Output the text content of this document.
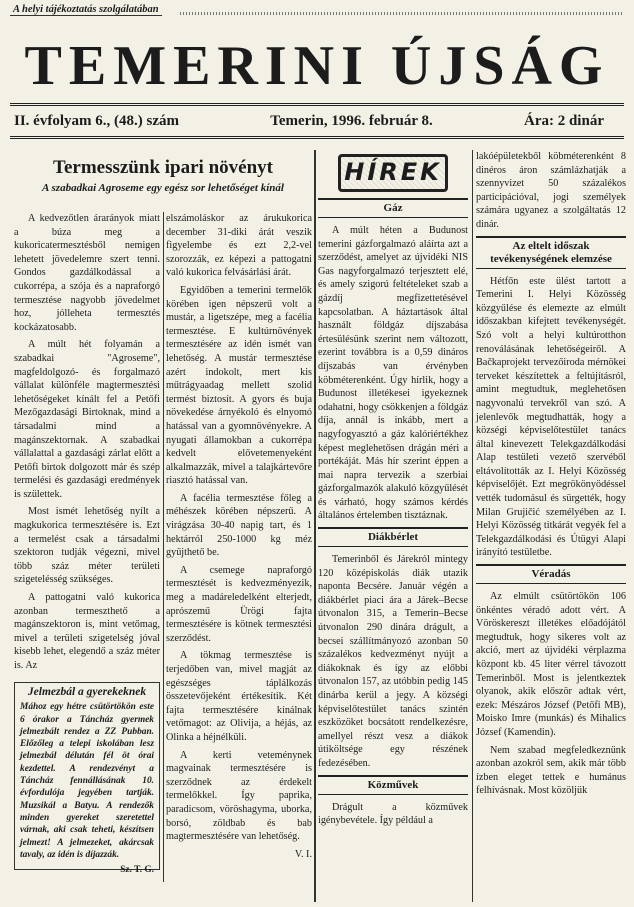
A helyi tájékoztatás szolgálatában
TEMERINI ÚJSÁG
II. évfolyam 6., (48.) szám	Temerin, 1996. február 8.	Ára: 2 dinár
Termesszünk ipari növényt
A szabadkai Agroseme egy egész sor lehetőséget kínál

A kedvezőtlen árarányok miatt a búza meg a kukoricatermesztésből nemigen lehetett jövedelemre szert tenni. Gondos gazdálkodással a cukorrépa, a szója és a napraforgó termesztése nagyobb jövedelmet hoz, jólleheta termesztés kockázatosabb.

A múlt hét folyamán a szabadkai "Agroseme", magfeldolgozó- és forgalmazó vállalat különféle magtermesztési lehetőségeket kínált fel a Petőfi Mezőgazdasági Birtoknak, mind a társadalmi mind a magánszektornak. A szabadkai vállalattal a gazdasági zárlat előtt a Petőfi birtok dolgozott már és szép termelési és gazdasági eredmények is születtek.

Most ismét lehetőség nyílt a magkukorica termesztésére is. Ezt a termelést csak a társadalmi szektoron tudják végezni, mivel több száz méter területi szigetelésség szükséges.

A pattogatni való kukorica azonban termeszthető a magánszektoron is, mint vetőmag, mivel a területi szigetelség jóval kisebb lehet, elegendő a száz méter is. Az

Jelmezbál a gyerekeknek
Mához egy hétre csütörtökön este 6 órakor a Táncház gyermek jelmezbált rendez a ZZ Pubban. Előzőleg a telepi iskolában lesz jelmezbál délután fél öt órai kezdettel. A rendezvényt a Táncház fennállásának 10. évfordulója jegyében tartják. Muzsikál a Batyu. A rendezők minden gyereket szeretettel várnak, aki csak teheti, készítsen jelmezt! A jelmezeket, akárcsak tavaly, az idén is díjazzák.
Sz. T. G.

elszámoláskor az árukukorica december 31-diki árát veszik figyelembe és ezt 2,2-vel szorozzák, ez képezi a pattogatni való kukorica felvásárlási árát.

Egyidőben a temerini termelők körében igen népszerű volt a mustár, a ligetszépe, meg a facélia termesztése. E kultúrnövények termesztésére az idén ismét van lehetőség. A mustár termesztése azért indokolt, mert kis műtrágyaadag mellett szolid termést biztosít. A gyors és buja növekedése árnyékoló és elnyomó hatással van a gyomnövényekre. A nyugati államokban a cukorrépa kedvelt elővetemenyeként alkalmazzák, mivel a talajkártevőre riasztó hatással van.

A facélia termesztése főleg a méhészek körében népszerű. A virágzása 30-40 napig tart, és 1 hektárról 250-1000 kg méz gyűjthető be.

A csemege napraforgó termesztését is kedvezményezik, meg a madáreledelként elterjedt, aprószemű Ürögi fajta termesztésére is kötnek termesztési szerződést.

A tökmag termesztése is terjedőben van, mivel magját az egészséges táplálkozás összetevőjeként értékesítik. Két fajta termesztésére kínálnak vetőmagot: az Olivija, a héjás, az Olinka a héjnélküli.

A kerti veteménynek magvainak termesztésére is szerződnek az érdekelt termelőkkel. Így paprika, paradicsom, vöröshagyma, uborka, borsó, zöldbab és bab magtermesztésére van lehetőség.

V. I.
HÍREK
Gáz

A múlt héten a Budunost temerini gázforgalmazó aláírta azt a szerződést, amelyet az újvidéki NIS Gas nagyforgalmazó terjesztett elé, és amely szigorú feltételeket szab a gázdíj megfizettetésével kapcsolatban. A háztartások által használt földgáz díjszabása értesülésünk szerint nem változott, ezerint továbbra is a 0,59 dináros díjszabás van érvényben köbméterenként. Úgy hírlik, hogy a Budunost illetékesei igyekeznek odahatni, hogy csökkenjen a földgáz díja, annál is inkább, mert a nagyfogyasztó a gáz kalóriértékhez képest meglehetősen drágán méri a portékáját. Más hír szerint éppen a mai napra tervezik a szerbiai gázforgalmazók alakuló közgyűlését és várható, hogy számos kérdés általános értelemben tisztáznak.

Diákbérlet

Temerinből és Járekról mintegy 120 középiskolás diák utazik naponta Becsére. Január végén a diákbérlet piaci ára a Járek–Becse útvonalon 315, a Temerin–Becse útvonalon 290 dinára drágult, a becsei szállítmányozó azonban 50 százalékos kedvezményt nyújt a diákoknak és így az előbbi útvonalon 157, az utóbbin pedig 145 dinárba kerül a jegy. A községi képviselőtestület tanács szintén eszközöket bocsátott rendelkezésre, amellyel részt vesz a diákok útiköltsége egy részének fedezésében.

Közművek

Drágult a közművek igénybevétele. Így például a

lakóépületekből köbméterenként 8 dinéros áron számlázhatják a szennyvizet 50 százalékos participációval, jogi személyek számára ugyanez a szolgáltatás 12 dinár.

Az eltelt időszak tevékenységének elemzése

Hétfőn este ülést tartott a Temerini I. Helyi Közösség közgyűlése és elemezte az elmúlt időszakban kifejtett tevékenységét. Szó volt a helyi kultúrotthon renoválásának lehetőségeiről. A Bačkaprojekt tervezőiroda mérnökei terveket készítettek a feltújításról, amint megtudtuk, meglehetősen nagyvonalú tervekről van szó. A jelenlevők megtudhatták, hogy a községi képviselőtestület tanács által kinevezett Telekgazdálkodási Alap testületi vezető szervéből eltávolították az I. Helyi Közösség képviselőjét. Ezt megrökönyödéssel vették tudomásul és sürgették, hogy Milan Grujičić személyében az I. Helyi Közösség titkárát vegyék fel a Telekgazdálkodási és Útügyi Alapi irányító testületbe.

Véradás

Az elmúlt csütörtökön 106 önkéntes véradó adott vért. A Vöröskereszt illetékes előadójától megtudtuk, hogy sikeres volt az akció, mert az újvidéki vérplazma központ kb. 45 liter vérrel távozott Temerinből. Most is jelentkeztek olyanok, akik először adtak vért, ezek: Mészáros József (Petőfi MB), Moisko Imre (munkás) és Mihalics József (Kamendin).

Nem szabad megfeledkeznünk azonban azokról sem, akik már több ízben eleget tettek e humánus felhívásnak. Most közöljük
